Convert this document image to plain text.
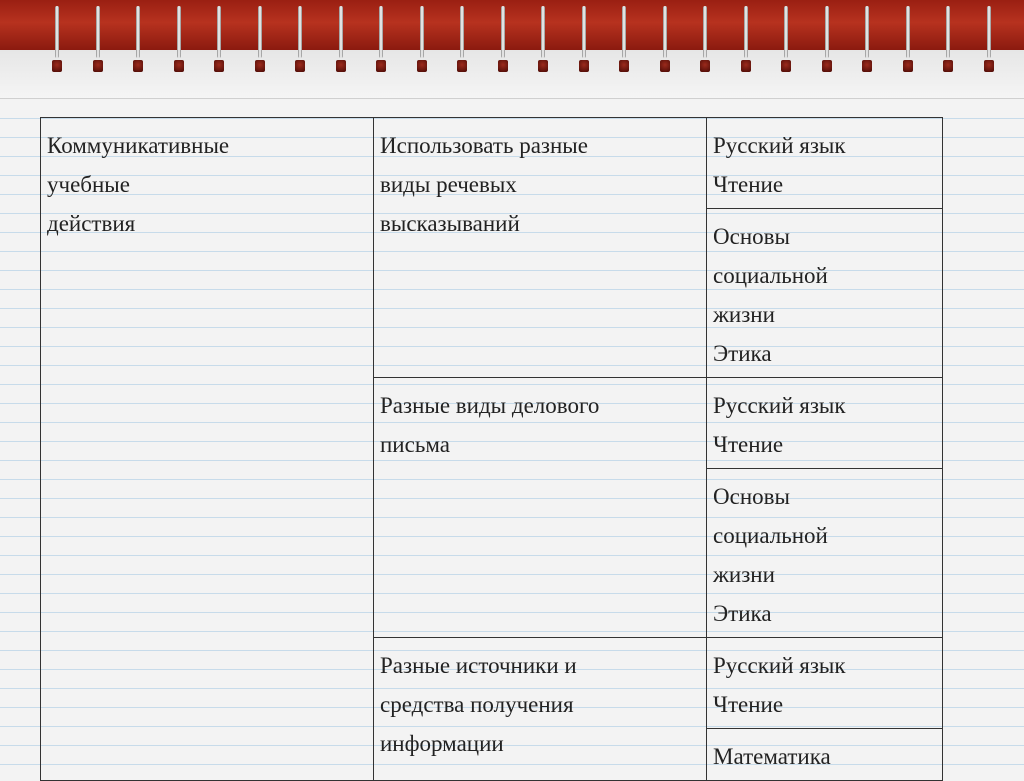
Коммуникативные
учебные
действия	Использовать разные
виды речевых
высказываний	Русский язык
Чтение
		Основы
социальной
жизни
Этика
	Разные виды делового
письма	Русский язык
Чтение
		Основы
социальной
жизни
Этика
	Разные источники и
средства получения
информации	Русский язык
Чтение
		Математика
